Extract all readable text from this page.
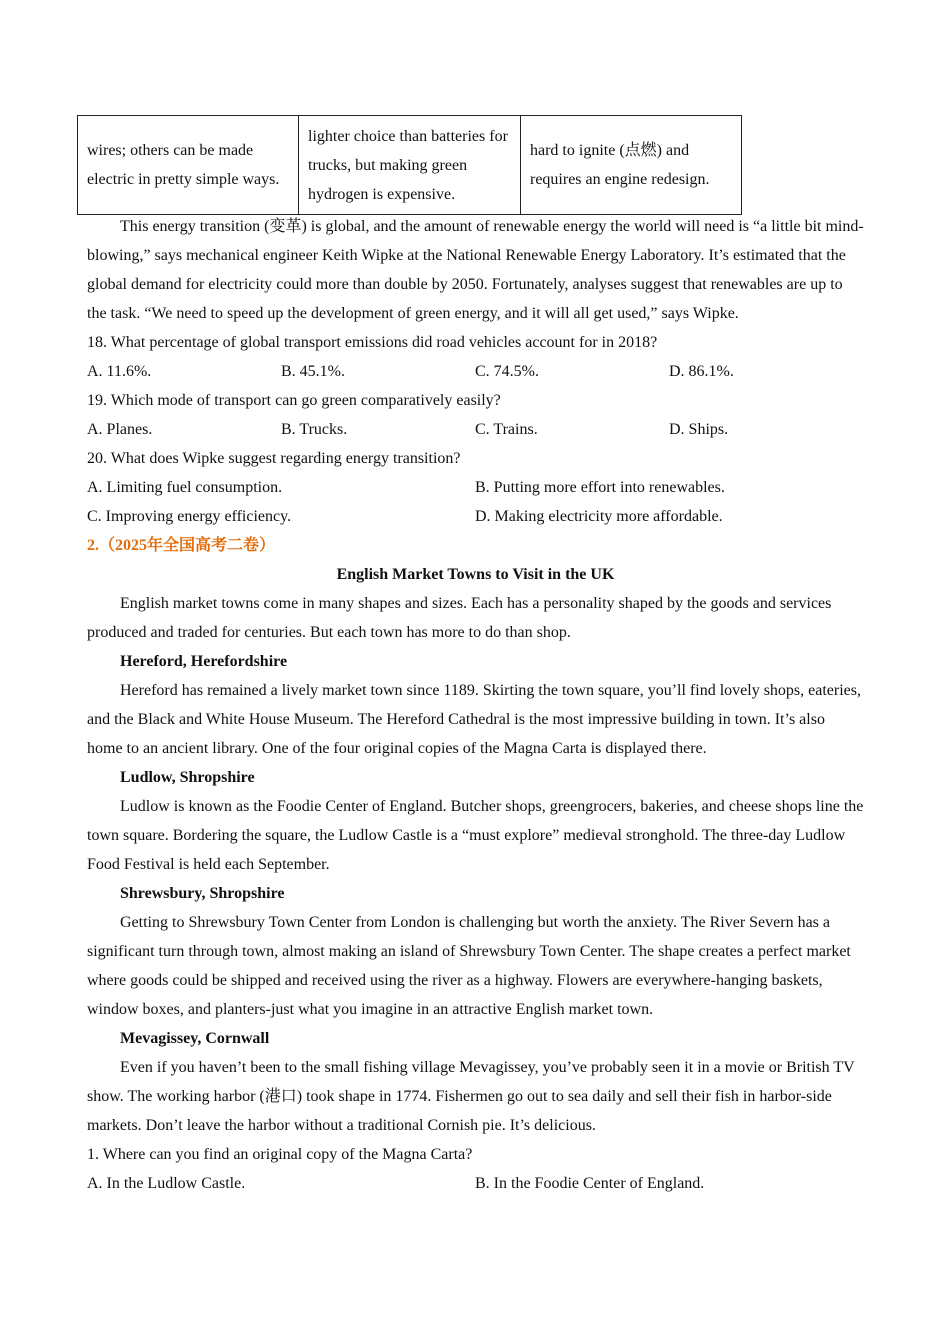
wires; others can be made electric in pretty simple ways.	lighter choice than batteries for trucks, but making green hydrogen is expensive.	hard to ignite (点燃) and requires an engine redesign.

This energy transition (变革) is global, and the amount of renewable energy the world will need is “a little bit mind-blowing,” says mechanical engineer Keith Wipke at the National Renewable Energy Laboratory. It’s estimated that the global demand for electricity could more than double by 2050. Fortunately, analyses suggest that renewables are up to the task. “We need to speed up the development of green energy, and it will all get used,” says Wipke.

18. What percentage of global transport emissions did road vehicles account for in 2018?

A. 11.6%.	B. 45.1%.	C. 74.5%.	D. 86.1%.

19. Which mode of transport can go green comparatively easily?

A. Planes.	B. Trucks.	C. Trains.	D. Ships.

20. What does Wipke suggest regarding energy transition?

A. Limiting fuel consumption.	B. Putting more effort into renewables.
C. Improving energy efficiency.	D. Making electricity more affordable.

2.（2025年全国高考二卷）

English Market Towns to Visit in the UK

English market towns come in many shapes and sizes. Each has a personality shaped by the goods and services produced and traded for centuries. But each town has more to do than shop.

Hereford, Herefordshire

Hereford has remained a lively market town since 1189. Skirting the town square, you’ll find lovely shops, eateries, and the Black and White House Museum. The Hereford Cathedral is the most impressive building in town. It’s also home to an ancient library. One of the four original copies of the Magna Carta is displayed there.

Ludlow, Shropshire

Ludlow is known as the Foodie Center of England. Butcher shops, greengrocers, bakeries, and cheese shops line the town square. Bordering the square, the Ludlow Castle is a “must explore” medieval stronghold. The three-day Ludlow Food Festival is held each September.

Shrewsbury, Shropshire

Getting to Shrewsbury Town Center from London is challenging but worth the anxiety. The River Severn has a significant turn through town, almost making an island of Shrewsbury Town Center. The shape creates a perfect market where goods could be shipped and received using the river as a highway. Flowers are everywhere-hanging baskets, window boxes, and planters-just what you imagine in an attractive English market town.

Mevagissey, Cornwall

Even if you haven’t been to the small fishing village Mevagissey, you’ve probably seen it in a movie or British TV show. The working harbor (港口) took shape in 1774. Fishermen go out to sea daily and sell their fish in harbor-side markets. Don’t leave the harbor without a traditional Cornish pie. It’s delicious.

1. Where can you find an original copy of the Magna Carta?

A. In the Ludlow Castle.	B. In the Foodie Center of England.
